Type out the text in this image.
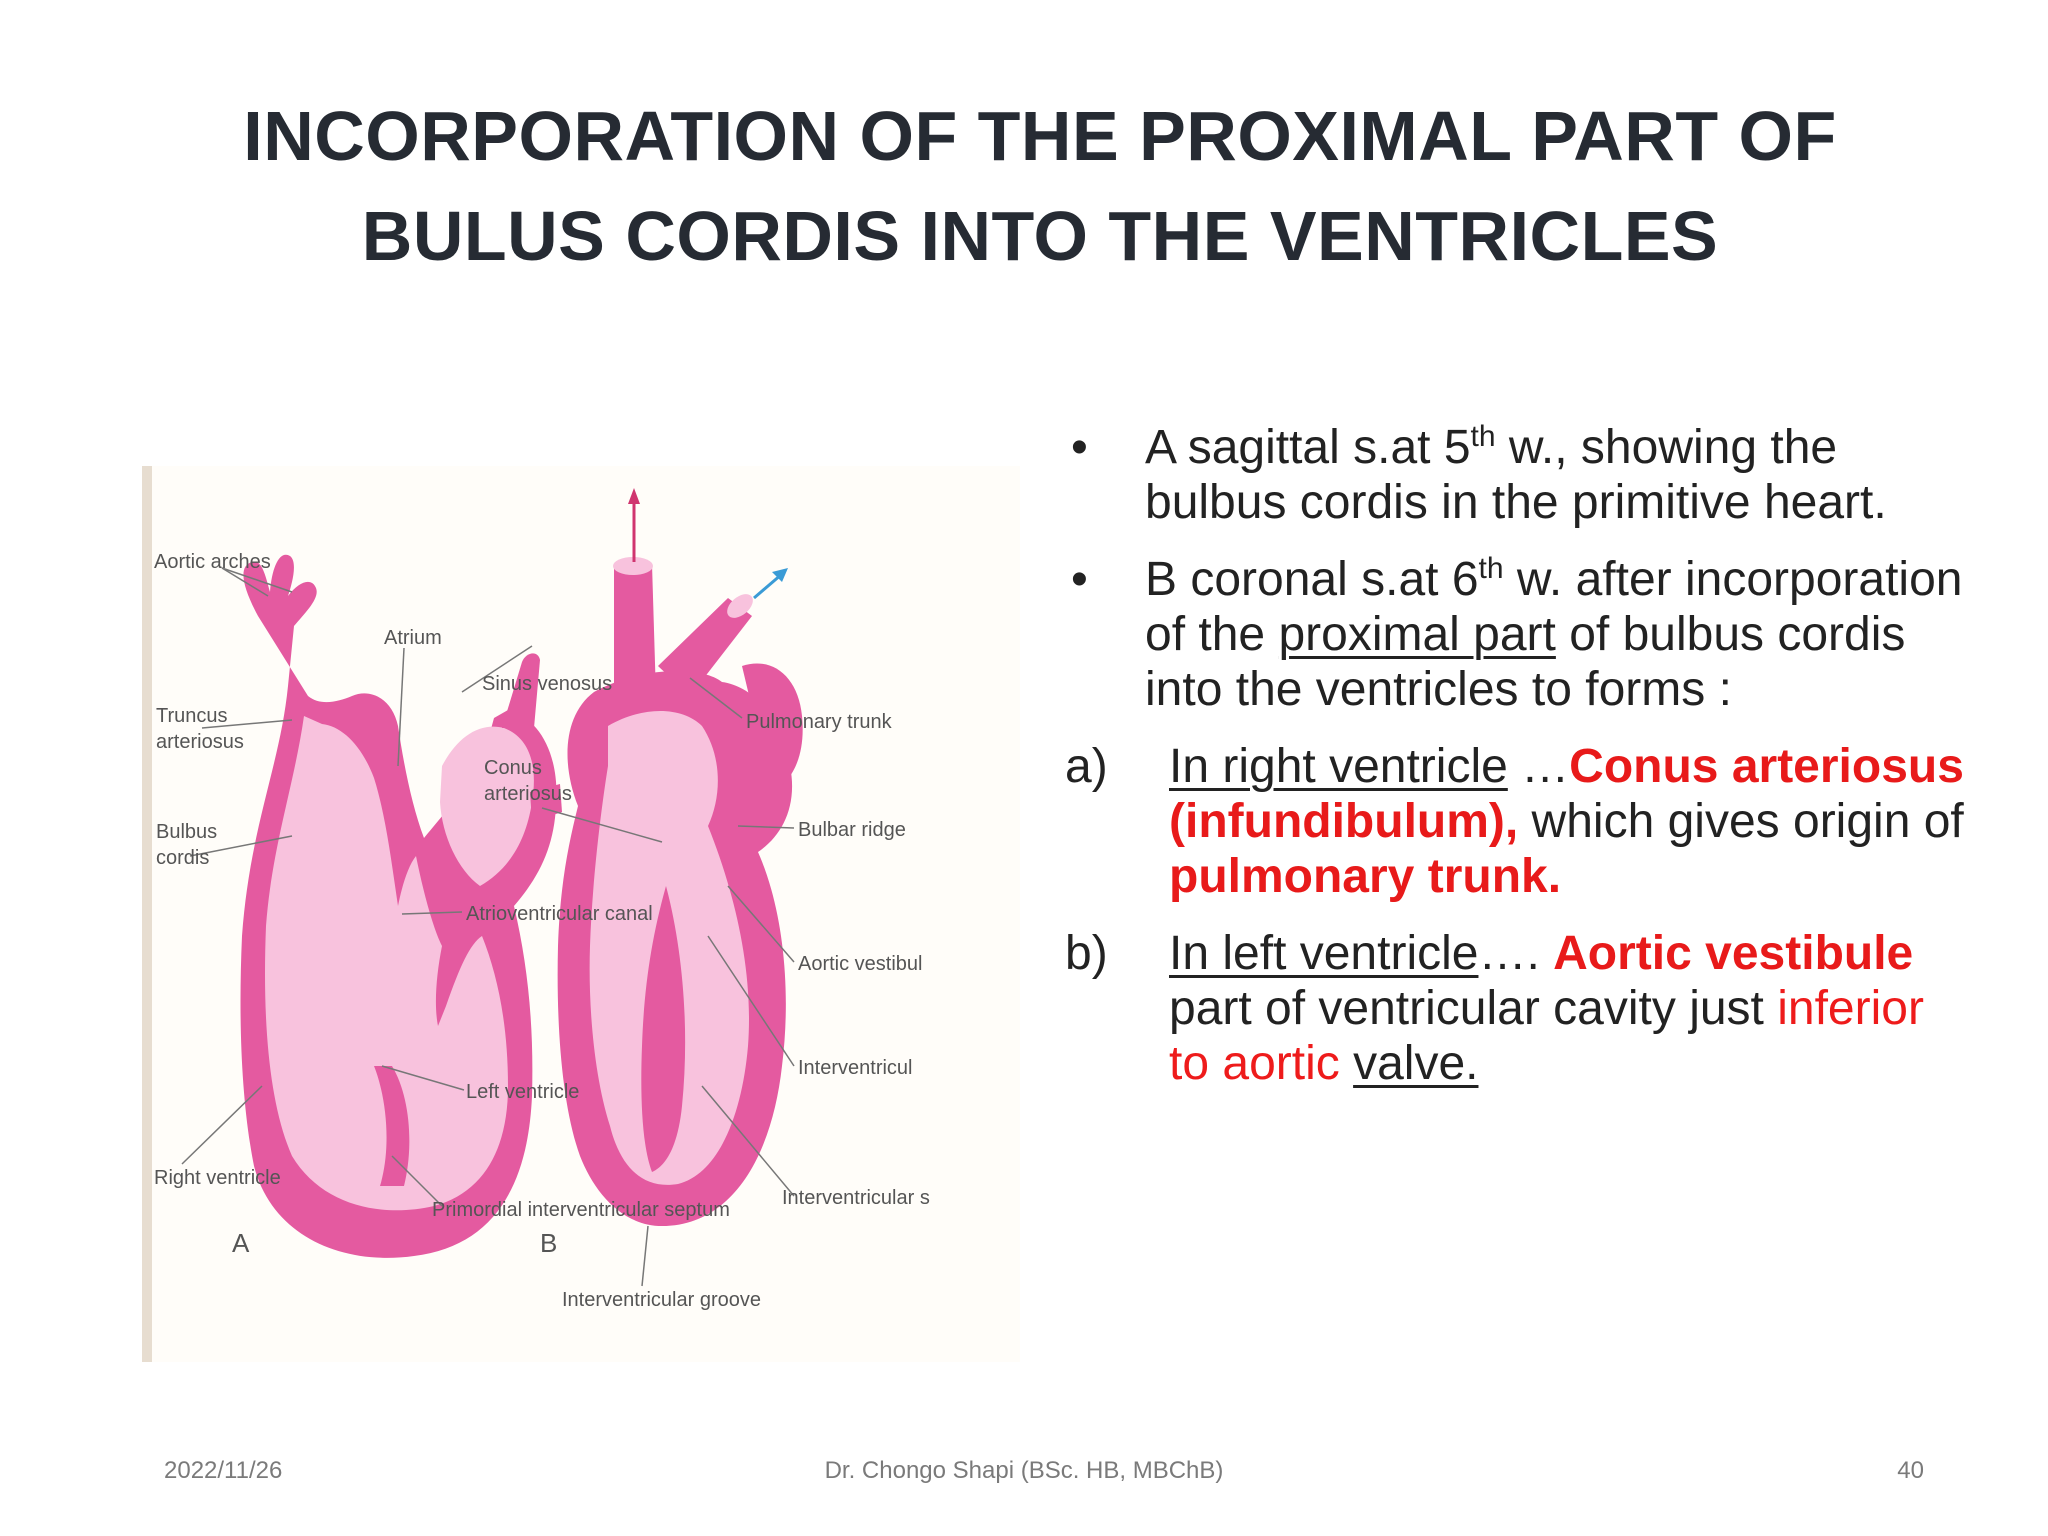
INCORPORATION OF THE PROXIMAL PART OF
BULUS CORDIS INTO THE VENTRICLES
Aortic arches
Atrium
Sinus venosus
Truncus
arteriosus
Bulbus
cordis
Atrioventricular canal
Left ventricle
Right ventricle
Primordial interventricular septum
A
Pulmonary trunk
Conus
arteriosus
Bulbar ridge
Aortic vestibul
Interventricul
Interventricular s
Interventricular groove
B
•	A sagittal s.at 5th w., showing the bulbus cordis in the primitive heart.
•	B coronal s.at 6th w. after incorporation of the proximal part of bulbus cordis into the ventricles to forms :
a)	In right ventricle …Conus arteriosus (infundibulum), which gives origin of pulmonary trunk.
b)	In left ventricle…. Aortic vestibule part of ventricular cavity just inferior to aortic valve.
2022/11/26	Dr. Chongo Shapi (BSc. HB, MBChB)	40
